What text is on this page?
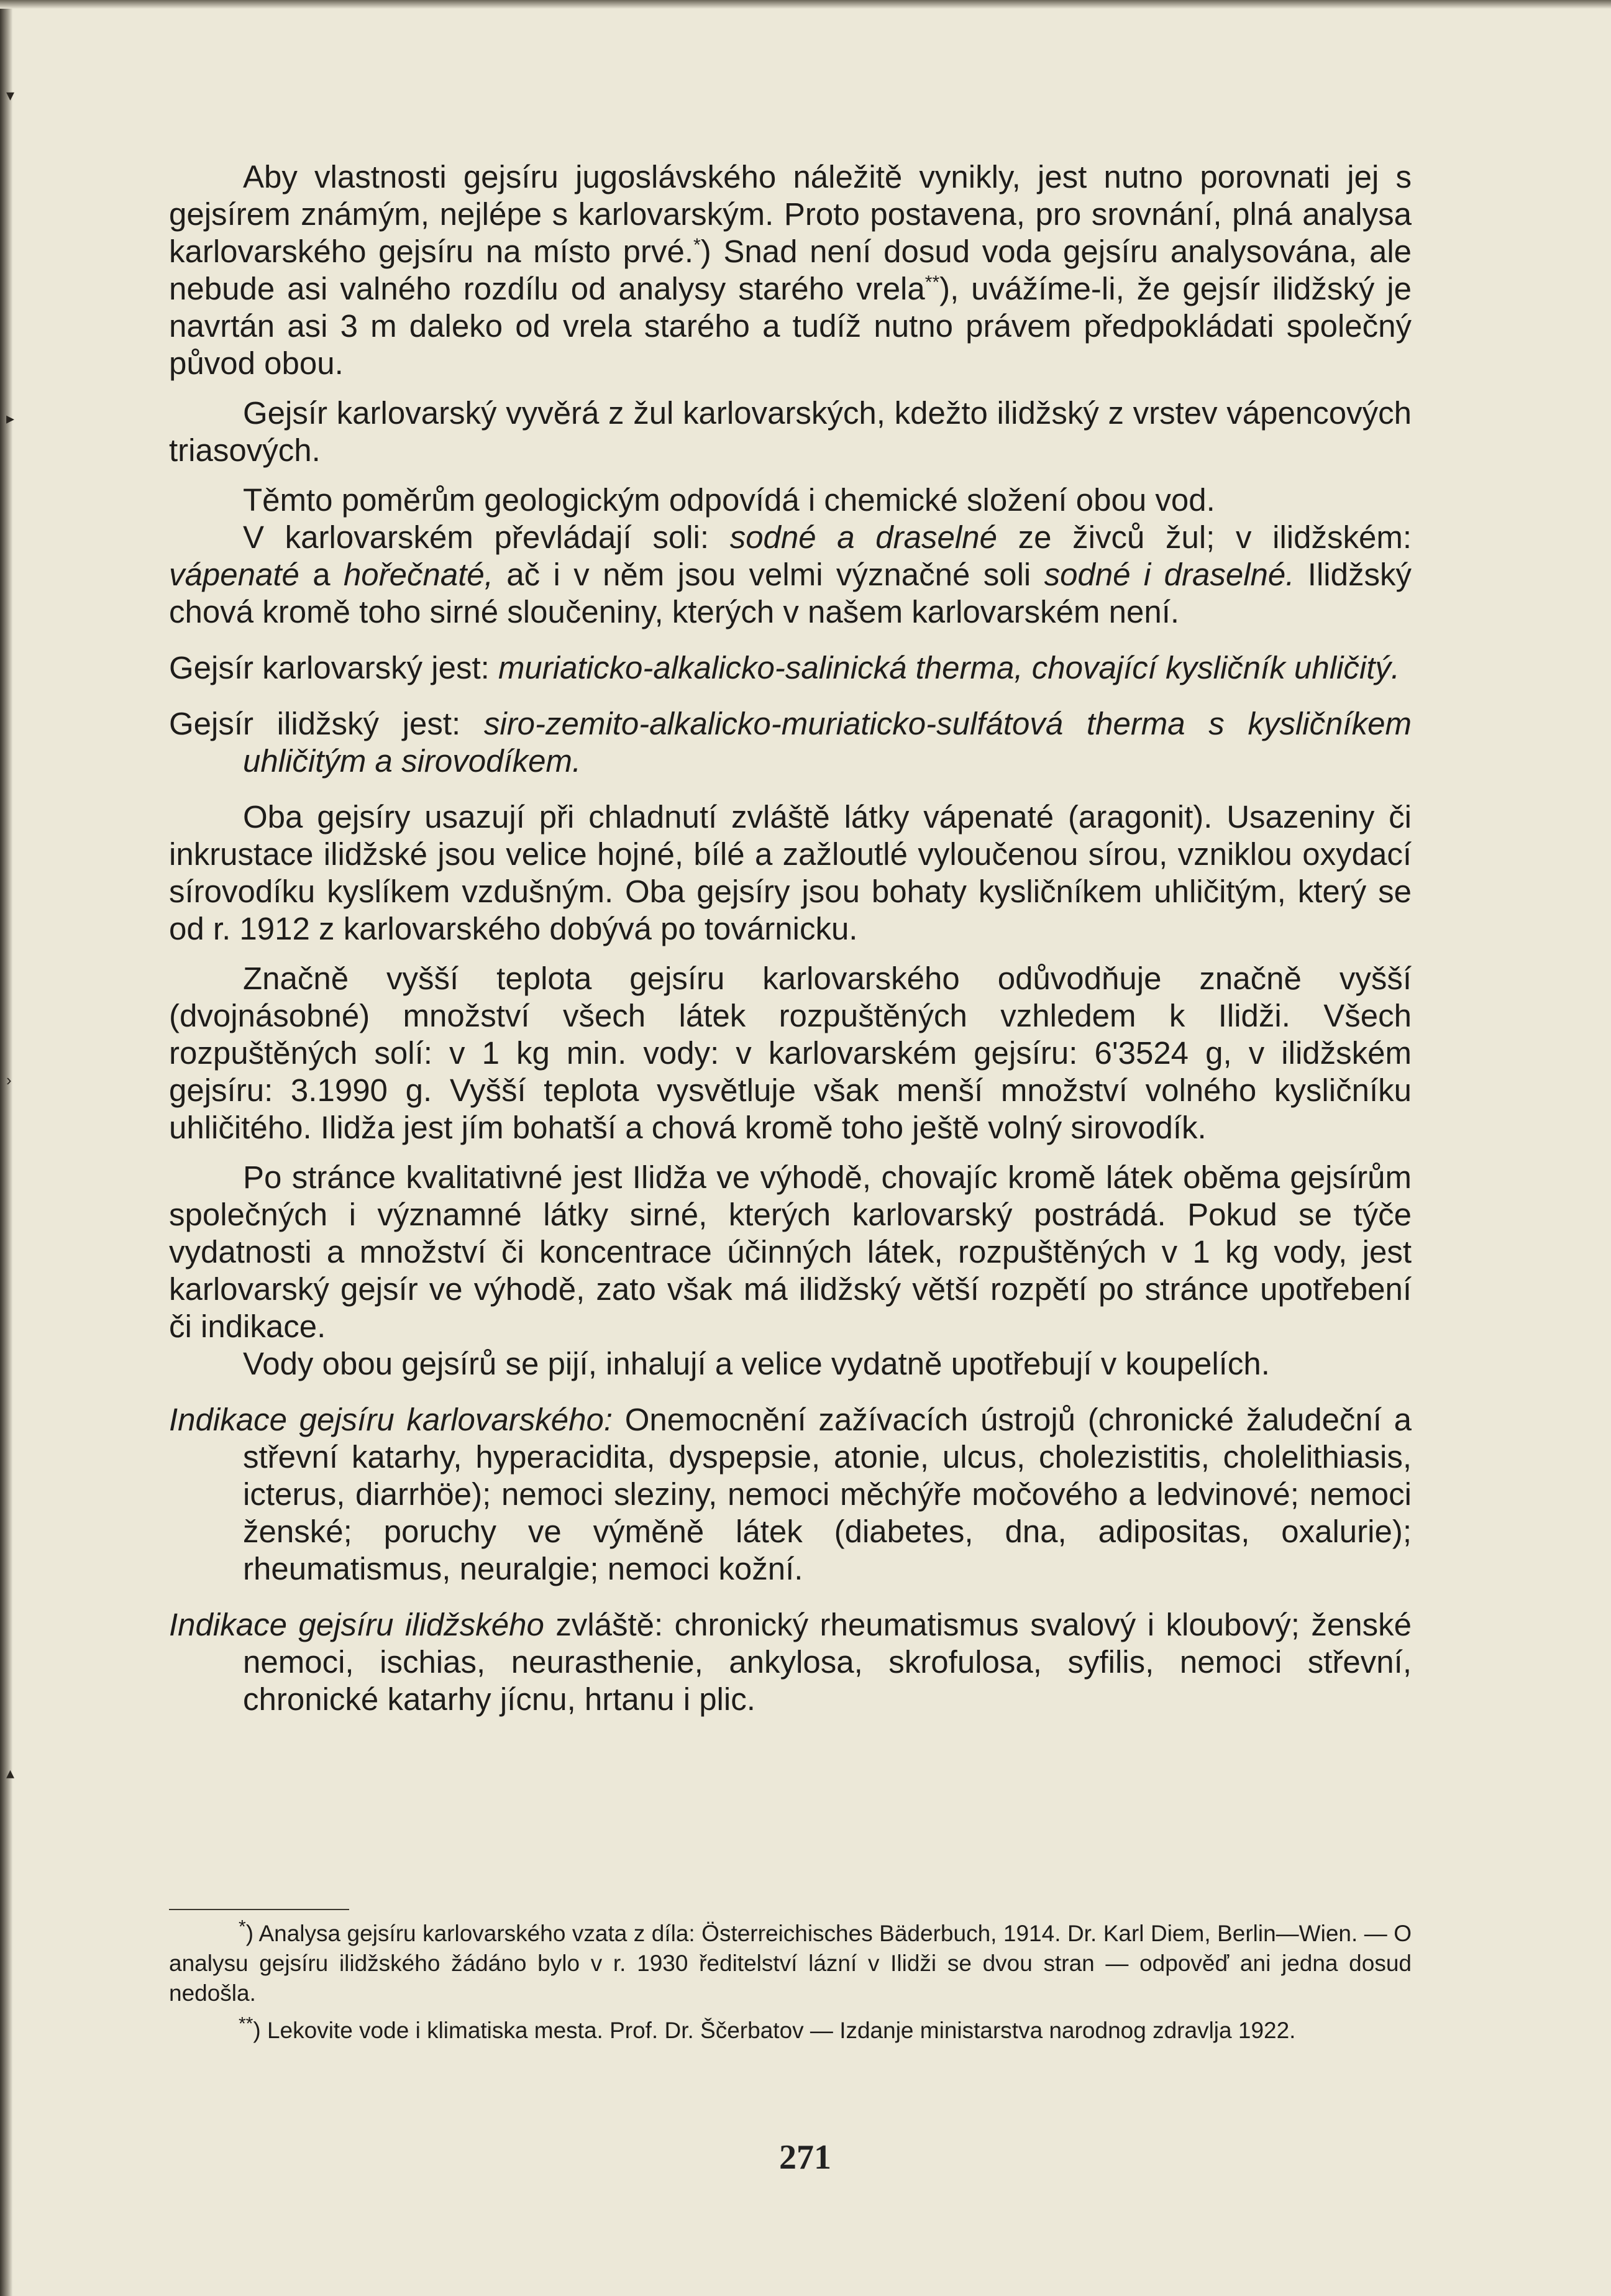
▾
▸
›
▴

Aby vlastnosti gejsíru jugoslávského náležitě vynikly, jest nutno porovnati jej s gejsírem známým, nejlépe s karlovarským. Proto postavena, pro srovnání, plná analysa karlovarského gejsíru na místo prvé.*) Snad není dosud voda gejsíru analysována, ale nebude asi valného rozdílu od analysy starého vrela**), uvážíme-li, že gejsír ilidžský je navrtán asi 3 m daleko od vrela starého a tudíž nutno právem předpokládati společný původ obou.

Gejsír karlovarský vyvěrá z žul karlovarských, kdežto ilidžský z vrstev vápencových triasových.

Těmto poměrům geologickým odpovídá i chemické složení obou vod.

V karlovarském převládají soli: sodné a draselné ze živců žul; v ilidžském: vápenaté a hořečnaté, ač i v něm jsou velmi význačné soli sodné i draselné. Ilidžský chová kromě toho sirné sloučeniny, kterých v našem karlovarském není.

Gejsír karlovarský jest: muriaticko-alkalicko-salinická therma, chovající kysličník uhličitý.

Gejsír ilidžský jest: siro-zemito-alkalicko-muriaticko-sulfátová therma s kysličníkem uhličitým a sirovodíkem.

Oba gejsíry usazují při chladnutí zvláště látky vápenaté (aragonit). Usazeniny či inkrustace ilidžské jsou velice hojné, bílé a zažloutlé vyloučenou sírou, vzniklou oxydací sírovodíku kyslíkem vzdušným. Oba gejsíry jsou bohaty kysličníkem uhličitým, který se od r. 1912 z karlovarského dobývá po továrnicku.

Značně vyšší teplota gejsíru karlovarského odůvodňuje značně vyšší (dvojnásobné) množství všech látek rozpuštěných vzhledem k Ilidži. Všech rozpuštěných solí: v 1 kg min. vody: v karlovarském gejsíru: 6'3524 g, v ilidžském gejsíru: 3.1990 g. Vyšší teplota vysvětluje však menší množství volného kysličníku uhličitého. Ilidža jest jím bohatší a chová kromě toho ještě volný sirovodík.

Po stránce kvalitativné jest Ilidža ve výhodě, chovajíc kromě látek oběma gejsírům společných i významné látky sirné, kterých karlovarský postrádá. Pokud se týče vydatnosti a množství či koncentrace účinných látek, rozpuštěných v 1 kg vody, jest karlovarský gejsír ve výhodě, zato však má ilidžský větší rozpětí po stránce upotřebení či indikace.

Vody obou gejsírů se pijí, inhalují a velice vydatně upotřebují v koupelích.

Indikace gejsíru karlovarského: Onemocnění zažívacích ústrojů (chronické žaludeční a střevní katarhy, hyperacidita, dyspepsie, atonie, ulcus, cholezistitis, cholelithiasis, icterus, diarrhöe); nemoci sleziny, nemoci měchýře močového a ledvinové; nemoci ženské; poruchy ve výměně látek (diabetes, dna, adipositas, oxalurie); rheumatismus, neuralgie; nemoci kožní.

Indikace gejsíru ilidžského zvláště: chronický rheumatismus svalový i kloubový; ženské nemoci, ischias, neurasthenie, ankylosa, skrofulosa, syfilis, nemoci střevní, chronické katarhy jícnu, hrtanu i plic.

*) Analysa gejsíru karlovarského vzata z díla: Österreichisches Bäderbuch, 1914. Dr. Karl Diem, Berlin—Wien. — O analysu gejsíru ilidžského žádáno bylo v r. 1930 ředitelství lázní v Ilidži se dvou stran — odpověď ani jedna dosud nedošla.

**) Lekovite vode i klimatiska mesta. Prof. Dr. Ščerbatov — Izdanje ministarstva narodnog zdravlja 1922.

271
